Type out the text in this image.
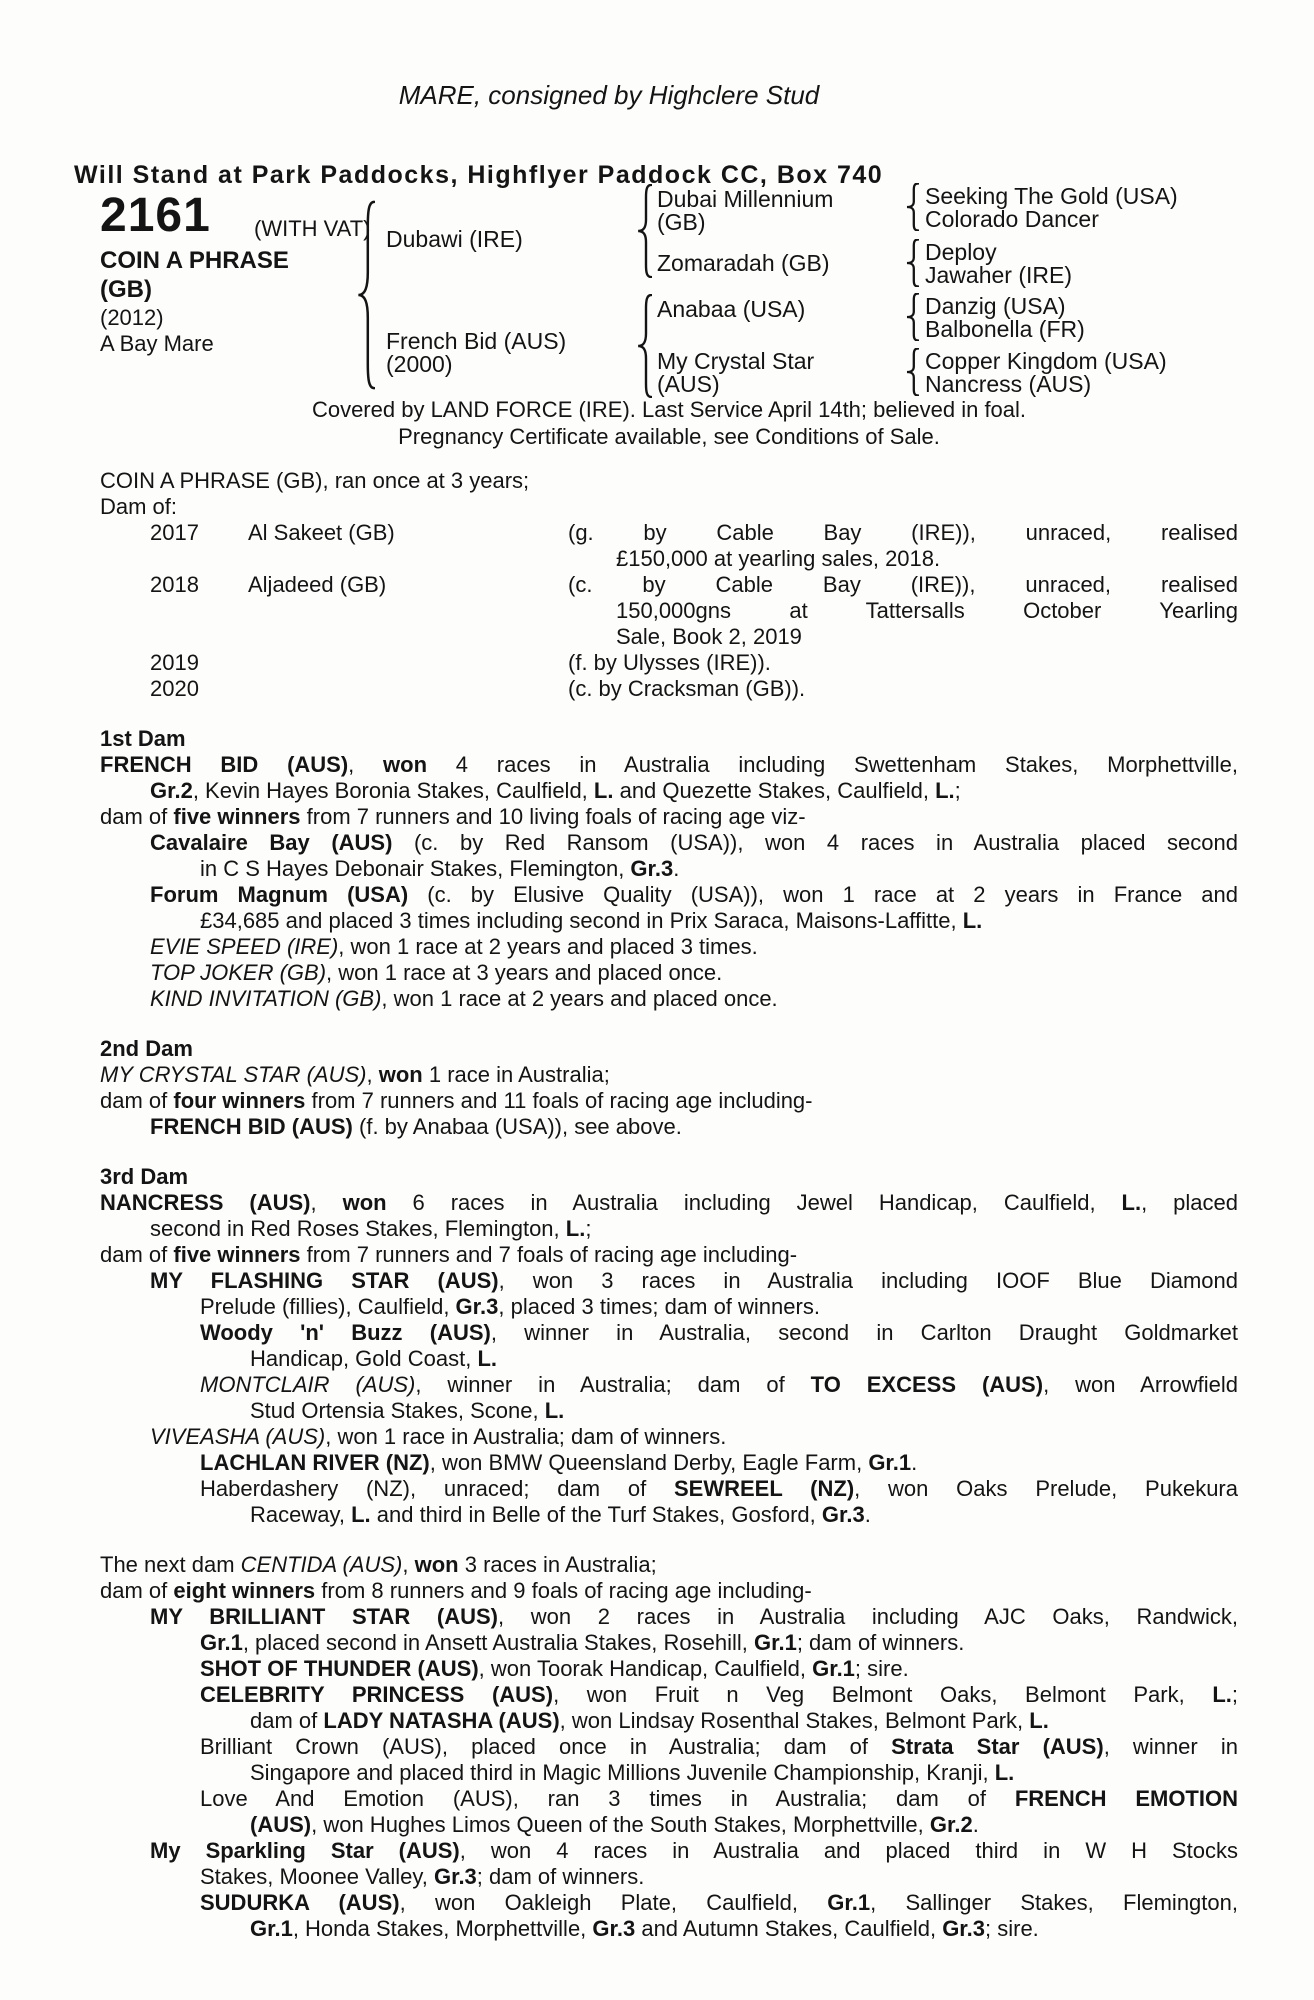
MARE, consigned by Highclere Stud
Will Stand at Park Paddocks, Highflyer Paddock CC, Box 740
2161 (WITH VAT)
COIN A PHRASE
(GB)
(2012)
A Bay Mare
Dubawi (IRE)
French Bid (AUS)
(2000)
Dubai Millennium
(GB)
Zomaradah (GB)
Anabaa (USA)
My Crystal Star
(AUS)
Seeking The Gold (USA)
Colorado Dancer
Deploy
Jawaher (IRE)
Danzig (USA)
Balbonella (FR)
Copper Kingdom (USA)
Nancress (AUS)
Covered by LAND FORCE (IRE). Last Service April 14th; believed in foal.
Pregnancy Certificate available, see Conditions of Sale.
COIN A PHRASE (GB), ran once at 3 years;
Dam of:
2017 Al Sakeet (GB)	(g. by Cable Bay (IRE)), unraced, realised
£150,000 at yearling sales, 2018.
2018 Aljadeed (GB)	(c. by Cable Bay (IRE)), unraced, realised
150,000gns at Tattersalls October Yearling
Sale, Book 2, 2019
2019	(f. by Ulysses (IRE)).
2020	(c. by Cracksman (GB)).
1st Dam
FRENCH BID (AUS), won 4 races in Australia including Swettenham Stakes, Morphettville,
Gr.2, Kevin Hayes Boronia Stakes, Caulfield, L. and Quezette Stakes, Caulfield, L.;
dam of five winners from 7 runners and 10 living foals of racing age viz-
Cavalaire Bay (AUS) (c. by Red Ransom (USA)), won 4 races in Australia placed second
in C S Hayes Debonair Stakes, Flemington, Gr.3.
Forum Magnum (USA) (c. by Elusive Quality (USA)), won 1 race at 2 years in France and
£34,685 and placed 3 times including second in Prix Saraca, Maisons-Laffitte, L.
EVIE SPEED (IRE), won 1 race at 2 years and placed 3 times.
TOP JOKER (GB), won 1 race at 3 years and placed once.
KIND INVITATION (GB), won 1 race at 2 years and placed once.
2nd Dam
MY CRYSTAL STAR (AUS), won 1 race in Australia;
dam of four winners from 7 runners and 11 foals of racing age including-
FRENCH BID (AUS) (f. by Anabaa (USA)), see above.
3rd Dam
NANCRESS (AUS), won 6 races in Australia including Jewel Handicap, Caulfield, L., placed
second in Red Roses Stakes, Flemington, L.;
dam of five winners from 7 runners and 7 foals of racing age including-
MY FLASHING STAR (AUS), won 3 races in Australia including IOOF Blue Diamond
Prelude (fillies), Caulfield, Gr.3, placed 3 times; dam of winners.
Woody 'n' Buzz (AUS), winner in Australia, second in Carlton Draught Goldmarket
Handicap, Gold Coast, L.
MONTCLAIR (AUS), winner in Australia; dam of TO EXCESS (AUS), won Arrowfield
Stud Ortensia Stakes, Scone, L.
VIVEASHA (AUS), won 1 race in Australia; dam of winners.
LACHLAN RIVER (NZ), won BMW Queensland Derby, Eagle Farm, Gr.1.
Haberdashery (NZ), unraced; dam of SEWREEL (NZ), won Oaks Prelude, Pukekura
Raceway, L. and third in Belle of the Turf Stakes, Gosford, Gr.3.
The next dam CENTIDA (AUS), won 3 races in Australia;
dam of eight winners from 8 runners and 9 foals of racing age including-
MY BRILLIANT STAR (AUS), won 2 races in Australia including AJC Oaks, Randwick,
Gr.1, placed second in Ansett Australia Stakes, Rosehill, Gr.1; dam of winners.
SHOT OF THUNDER (AUS), won Toorak Handicap, Caulfield, Gr.1; sire.
CELEBRITY PRINCESS (AUS), won Fruit n Veg Belmont Oaks, Belmont Park, L.;
dam of LADY NATASHA (AUS), won Lindsay Rosenthal Stakes, Belmont Park, L.
Brilliant Crown (AUS), placed once in Australia; dam of Strata Star (AUS), winner in
Singapore and placed third in Magic Millions Juvenile Championship, Kranji, L.
Love And Emotion (AUS), ran 3 times in Australia; dam of FRENCH EMOTION
(AUS), won Hughes Limos Queen of the South Stakes, Morphettville, Gr.2.
My Sparkling Star (AUS), won 4 races in Australia and placed third in W H Stocks
Stakes, Moonee Valley, Gr.3; dam of winners.
SUDURKA (AUS), won Oakleigh Plate, Caulfield, Gr.1, Sallinger Stakes, Flemington,
Gr.1, Honda Stakes, Morphettville, Gr.3 and Autumn Stakes, Caulfield, Gr.3; sire.
